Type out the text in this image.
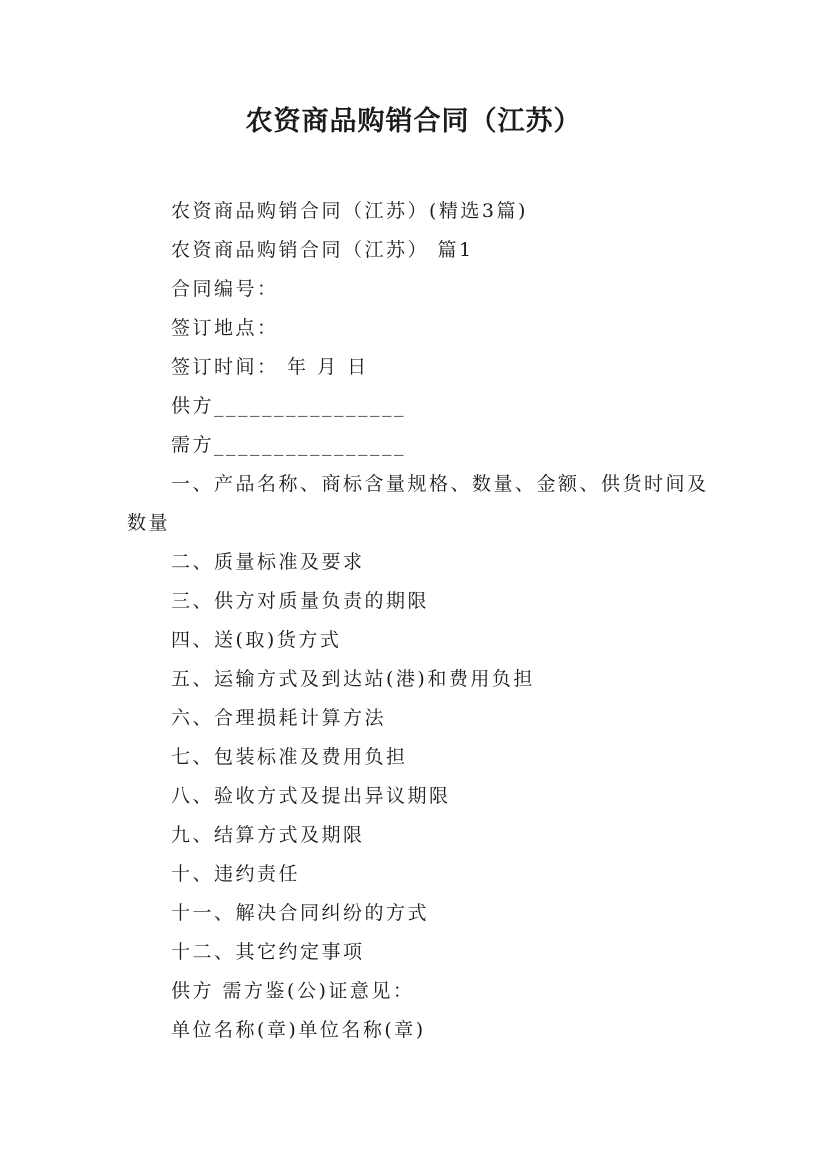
农资商品购销合同（江苏）
农资商品购销合同（江苏）(精选3篇)
农资商品购销合同（江苏） 篇1
合同编号：
签订地点：
签订时间： 年 月 日
供方________________
需方________________
一、产品名称、商标含量规格、数量、金额、供货时间及数量
二、质量标准及要求
三、供方对质量负责的期限
四、送(取)货方式
五、运输方式及到达站(港)和费用负担
六、合理损耗计算方法
七、包装标准及费用负担
八、验收方式及提出异议期限
九、结算方式及期限
十、违约责任
十一、解决合同纠纷的方式
十二、其它约定事项
供方 需方鉴(公)证意见：
单位名称(章)单位名称(章)
